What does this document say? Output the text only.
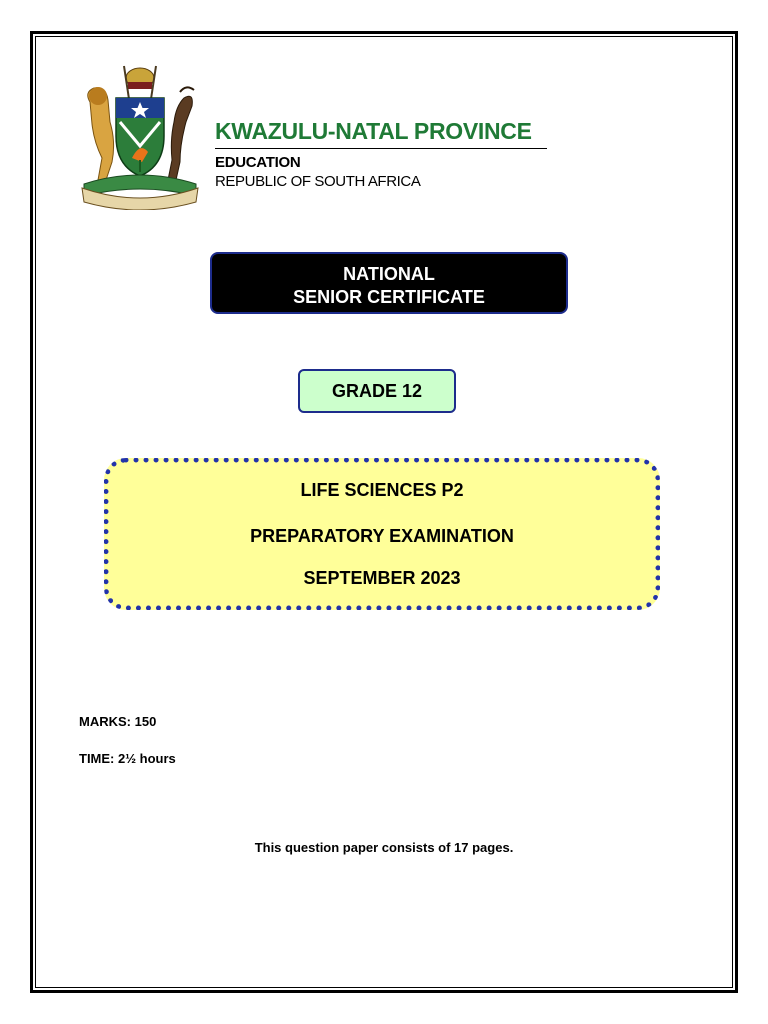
KWAZULU-NATAL PROVINCE
EDUCATION
REPUBLIC OF SOUTH AFRICA
NATIONAL
SENIOR CERTIFICATE
GRADE 12
LIFE SCIENCES P2
PREPARATORY EXAMINATION
SEPTEMBER 2023
MARKS: 150
TIME: 2½ hours
This question paper consists of 17 pages.
